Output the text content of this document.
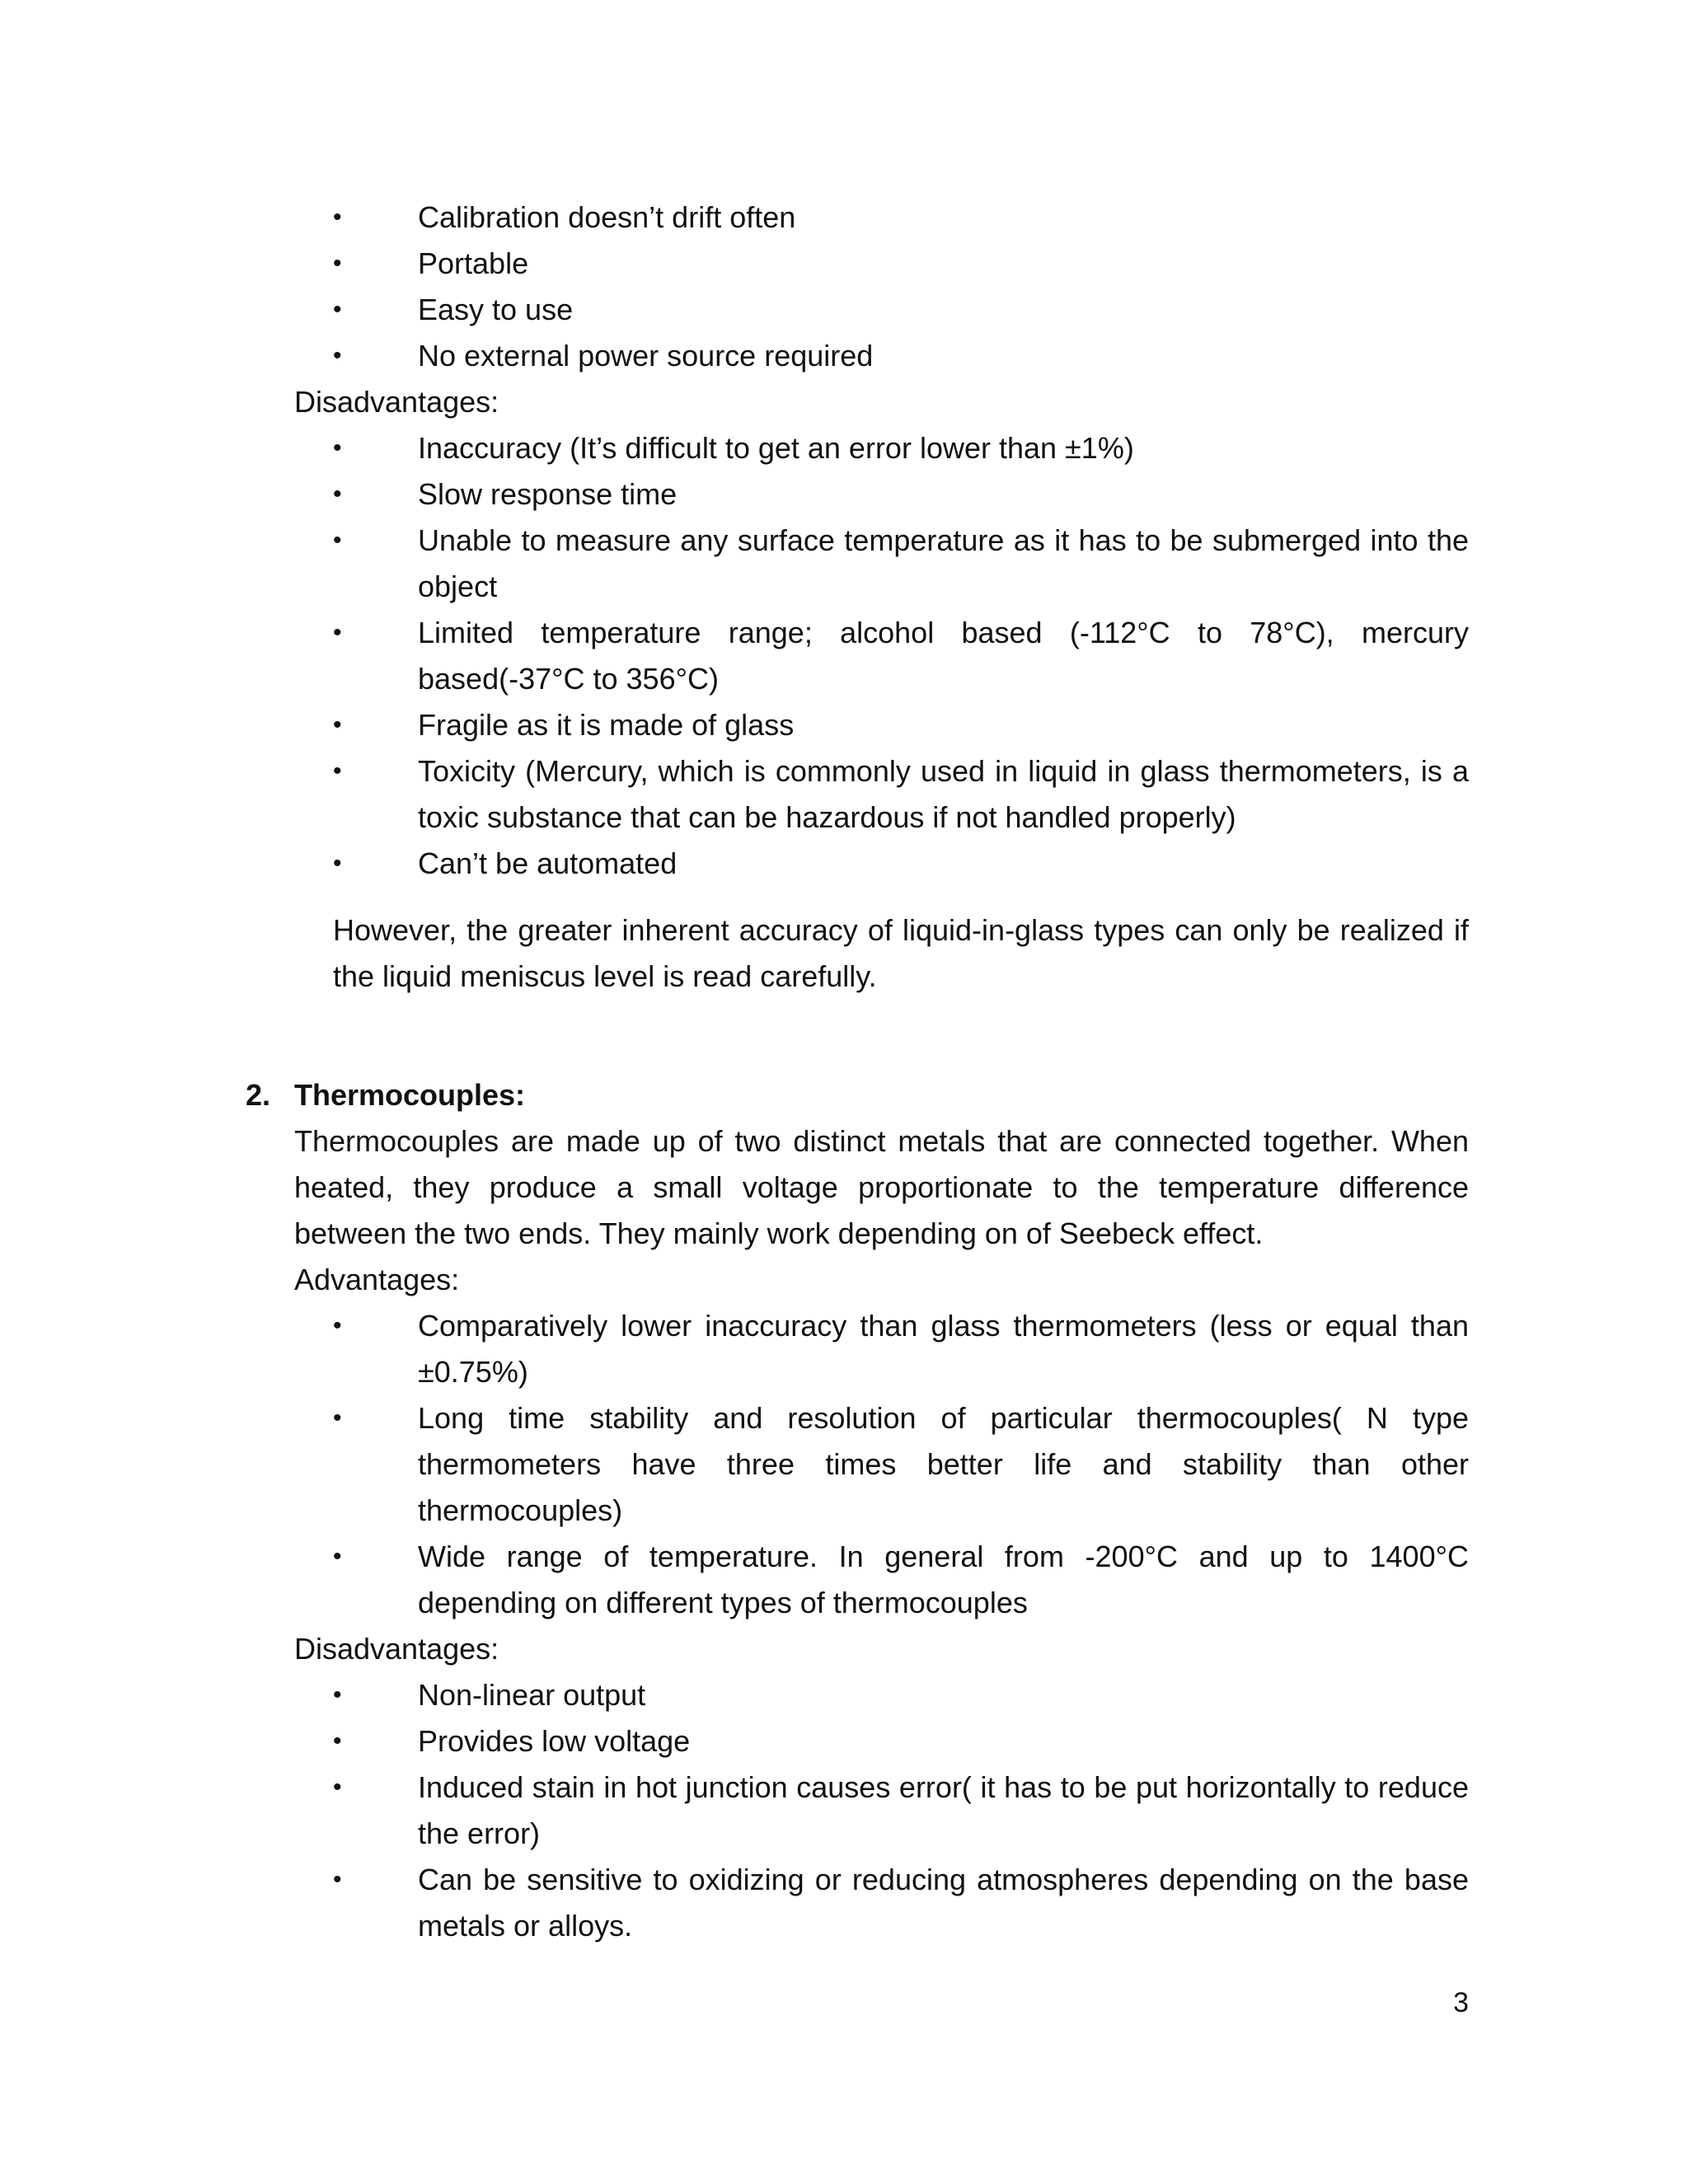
•	Calibration doesn’t drift often
•	Portable
•	Easy to use
•	No external power source required

Disadvantages:

•	Inaccuracy (It’s difficult to get an error lower than ±1%)
•	Slow response time
•	Unable to measure any surface temperature as it has to be submerged into the object
•	Limited temperature range; alcohol based (-112°C to 78°C), mercury based(-37°C to 356°C)
•	Fragile as it is made of glass
•	Toxicity (Mercury, which is commonly used in liquid in glass thermometers, is a toxic substance that can be hazardous if not handled properly)
•	Can’t be automated

However, the greater inherent accuracy of liquid-in-glass types can only be realized if the liquid meniscus level is read carefully.

2. Thermocouples:

Thermocouples are made up of two distinct metals that are connected together. When heated, they produce a small voltage proportionate to the temperature difference between the two ends. They mainly work depending on of Seebeck effect.

Advantages:

•	Comparatively lower inaccuracy than glass thermometers (less or equal than ±0.75%)
•	Long time stability and resolution of particular thermocouples( N type thermometers have three times better life and stability than other thermocouples)
•	Wide range of temperature. In general from -200°C and up to 1400°C depending on different types of thermocouples

Disadvantages:

•	Non-linear output
•	Provides low voltage
•	Induced stain in hot junction causes error( it has to be put horizontally to reduce the error)
•	Can be sensitive to oxidizing or reducing atmospheres depending on the base metals or alloys.
3
